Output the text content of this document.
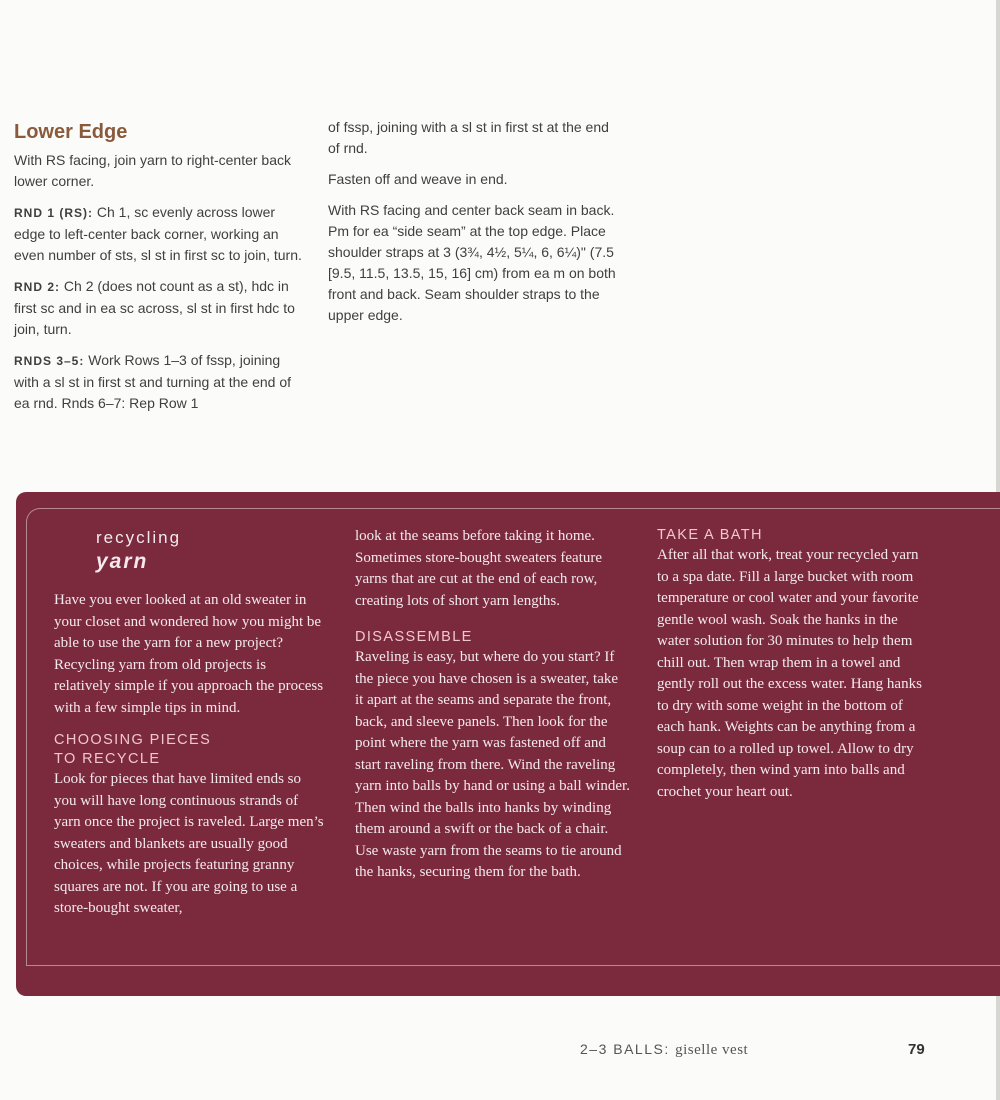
Lower Edge

With RS facing, join yarn to right-center back lower corner.

RND 1 (RS): Ch 1, sc evenly across lower edge to left-center back corner, working an even number of sts, sl st in first sc to join, turn.

RND 2: Ch 2 (does not count as a st), hdc in first sc and in ea sc across, sl st in first hdc to join, turn.

RNDS 3–5: Work Rows 1–3 of fssp, joining with a sl st in first st and turning at the end of ea rnd. Rnds 6–7: Rep Row 1

of fssp, joining with a sl st in first st at the end of rnd.

Fasten off and weave in end.

With RS facing and center back seam in back. Pm for ea “side seam” at the top edge. Place shoulder straps at 3 (3¾, 4½, 5¼, 6, 6¼)" (7.5 [9.5, 11.5, 13.5, 15, 16] cm) from ea m on both front and back. Seam shoulder straps to the upper edge.

recycling

yarn

Have you ever looked at an old sweater in your closet and wondered how you might be able to use the yarn for a new project? Recycling yarn from old projects is relatively simple if you approach the process with a few simple tips in mind.

CHOOSING PIECES

TO RECYCLE

Look for pieces that have limited ends so you will have long continuous strands of yarn once the project is raveled. Large men’s sweaters and blankets are usually good choices, while projects featuring granny squares are not. If you are going to use a store-bought sweater,

look at the seams before taking it home. Sometimes store-bought sweaters feature yarns that are cut at the end of each row, creating lots of short yarn lengths.

DISASSEMBLE

Raveling is easy, but where do you start? If the piece you have chosen is a sweater, take it apart at the seams and separate the front, back, and sleeve panels. Then look for the point where the yarn was fastened off and start raveling from there. Wind the raveling yarn into balls by hand or using a ball winder. Then wind the balls into hanks by winding them around a swift or the back of a chair. Use waste yarn from the seams to tie around the hanks, securing them for the bath.

TAKE A BATH

After all that work, treat your recycled yarn to a spa date. Fill a large bucket with room temperature or cool water and your favorite gentle wool wash. Soak the hanks in the water solution for 30 minutes to help them chill out. Then wrap them in a towel and gently roll out the excess water. Hang hanks to dry with some weight in the bottom of each hank. Weights can be anything from a soup can to a rolled up towel. Allow to dry completely, then wind yarn into balls and crochet your heart out.

2–3 BALLS: giselle vest	79
